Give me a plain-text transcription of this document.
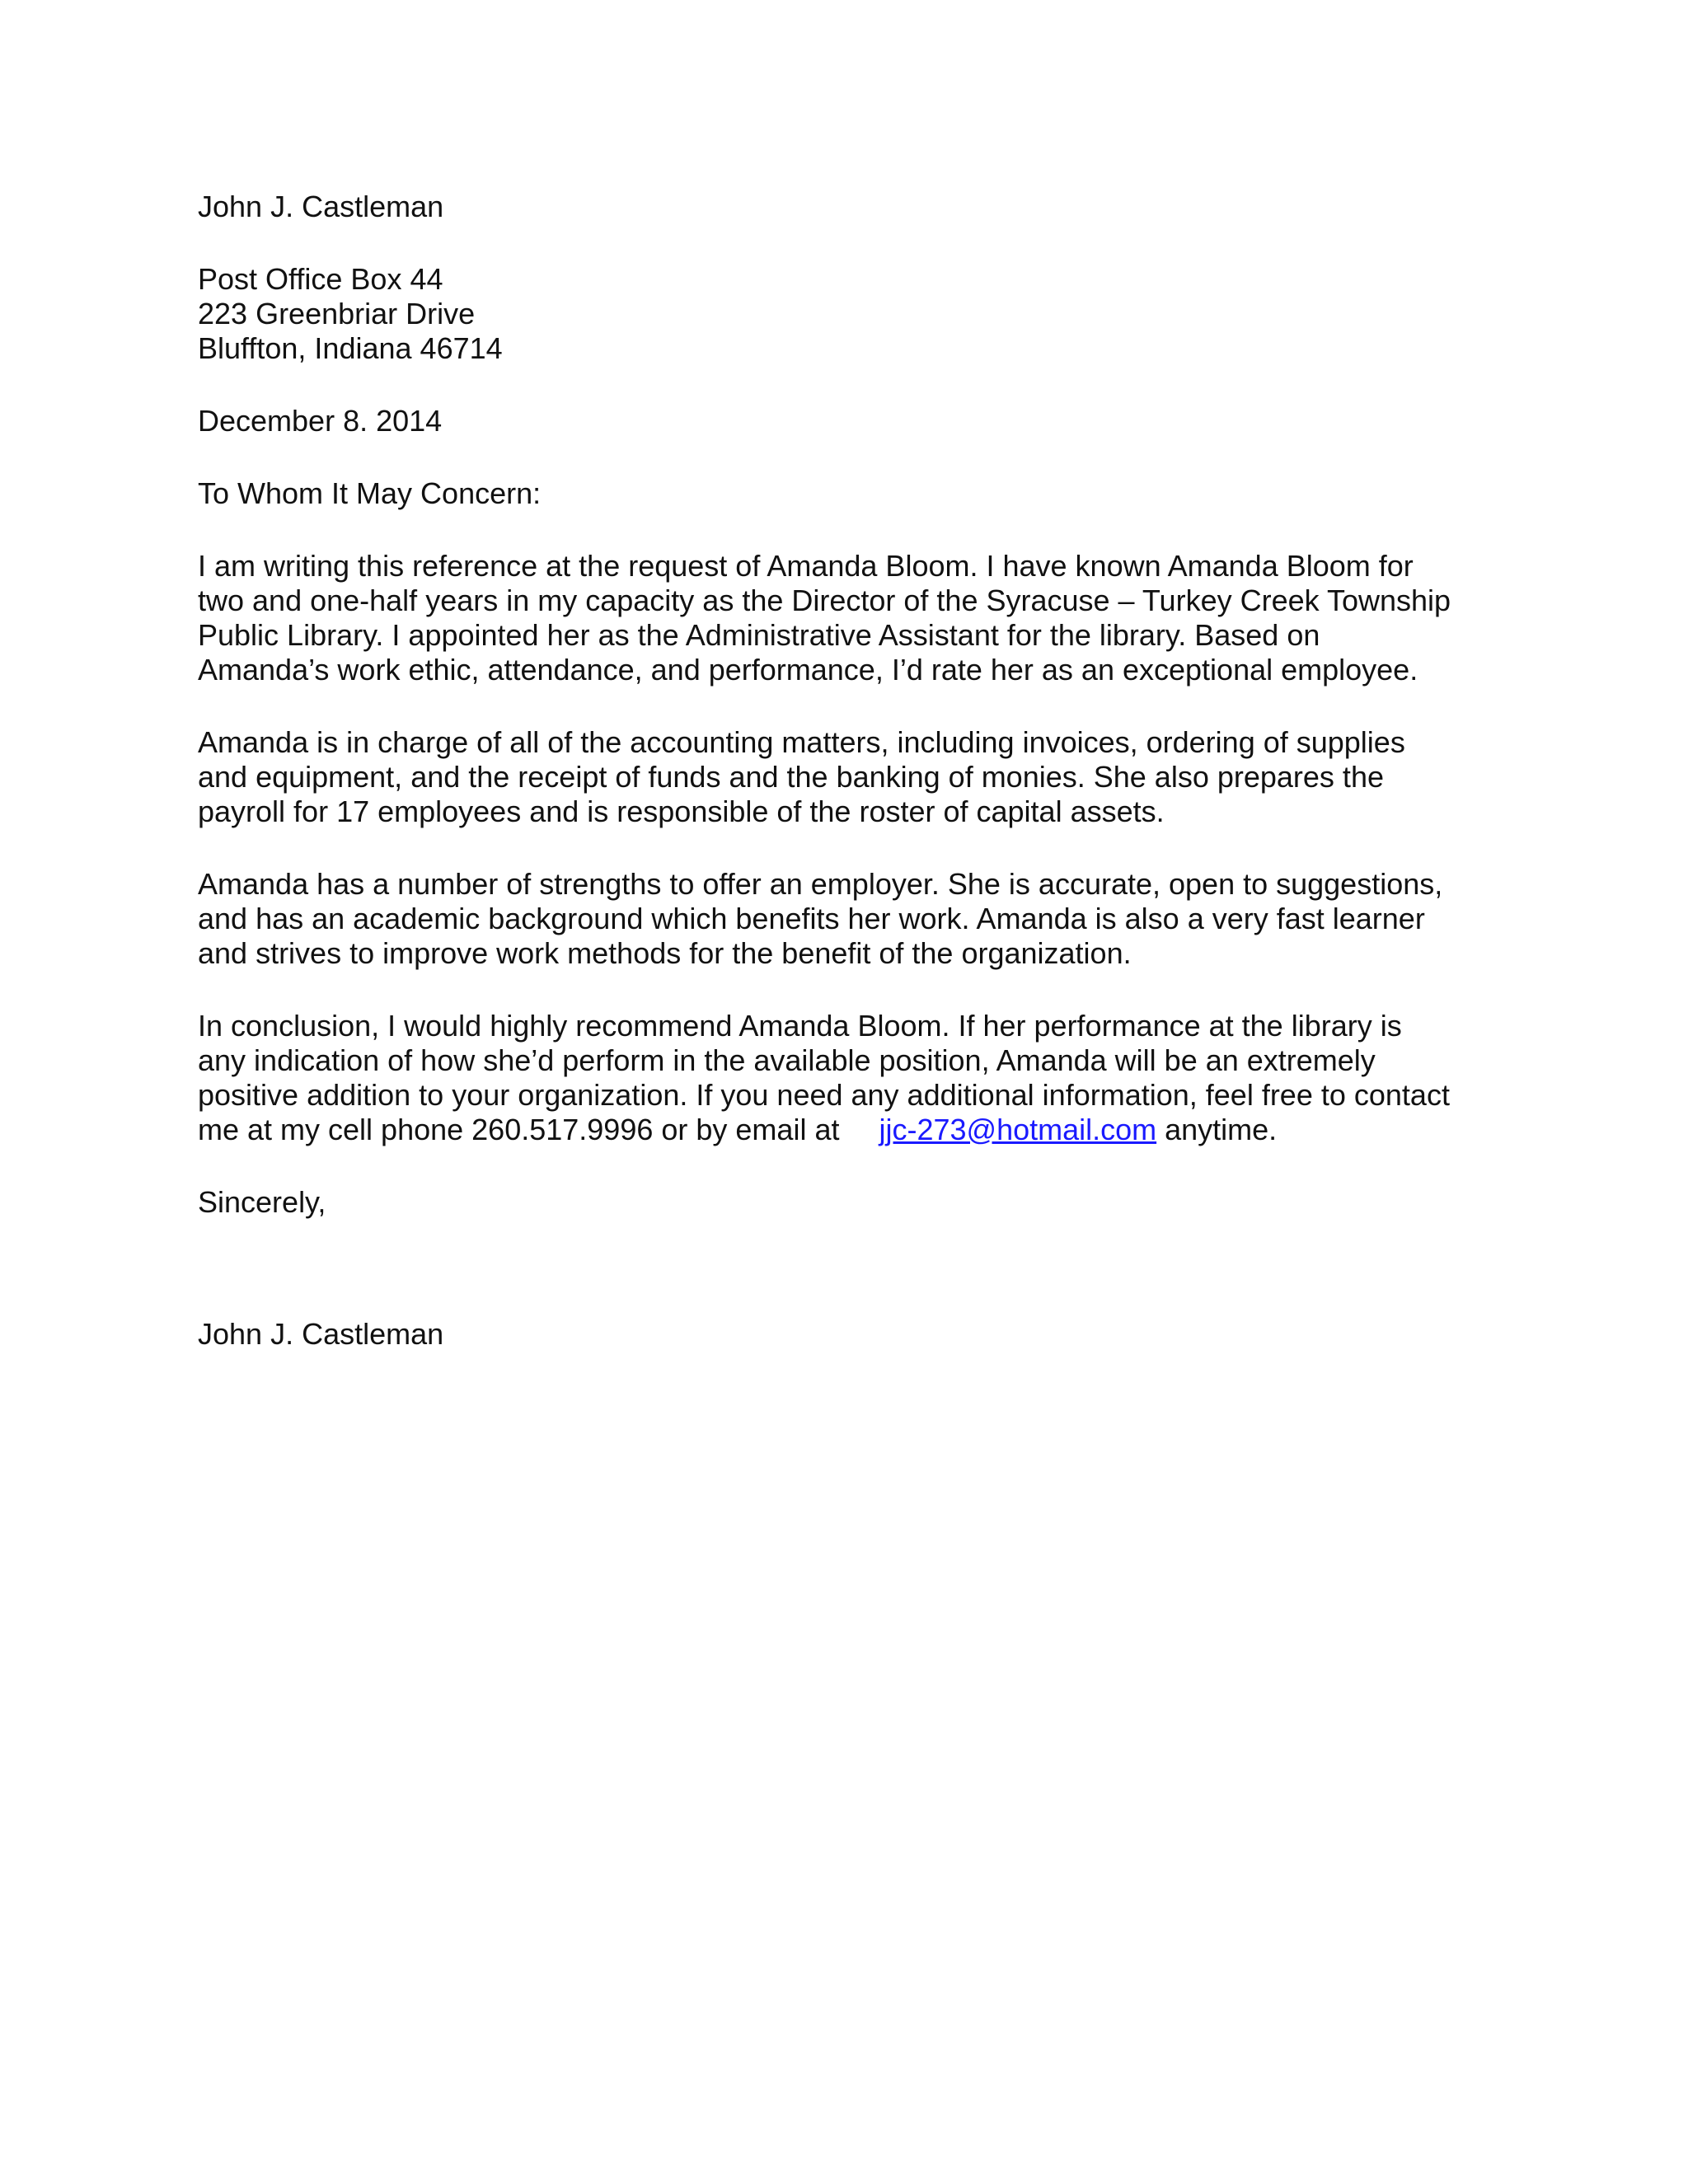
John J. Castleman

Post Office Box 44
223 Greenbriar Drive
Bluffton, Indiana 46714

December 8. 2014

To Whom It May Concern:

I am writing this reference at the request of Amanda Bloom. I have known Amanda Bloom for
two and one-half years in my capacity as the Director of the Syracuse – Turkey Creek Township
Public Library. I appointed her as the Administrative Assistant for the library. Based on
Amanda’s work ethic, attendance, and performance, I’d rate her as an exceptional employee.

Amanda is in charge of all of the accounting matters, including invoices, ordering of supplies
and equipment, and the receipt of funds and the banking of monies. She also prepares the
payroll for 17 employees and is responsible of the roster of capital assets.

Amanda has a number of strengths to offer an employer. She is accurate, open to suggestions,
and has an academic background which benefits her work. Amanda is also a very fast learner
and strives to improve work methods for the benefit of the organization.

In conclusion, I would highly recommend Amanda Bloom. If her performance at the library is
any indication of how she’d perform in the available position, Amanda will be an extremely
positive addition to your organization. If you need any additional information, feel free to contact
me at my cell phone 260.517.9996 or by email at jjc-273@hotmail.com anytime.

Sincerely,

John J. Castleman
